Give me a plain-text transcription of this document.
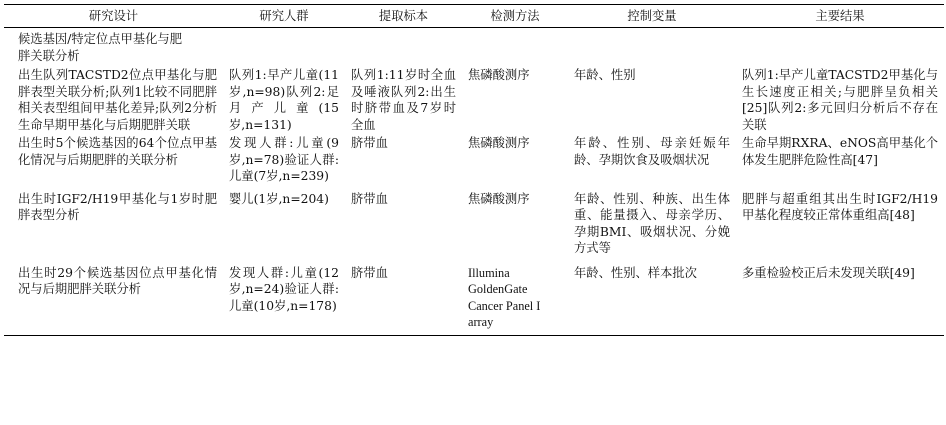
研究设计	研究人群	提取标本	检测方法	控制变量	主要结果
候选基因/特定位点甲基化与肥胖关联分析					
出生队列TACSTD2位点甲基化与肥胖表型关联分析;队列1比较不同肥胖相关表型组间甲基化差异;队列2分析生命早期甲基化与后期肥胖关联	队列1:早产儿童(11岁,n=98)队列2:足月产儿童(15岁,n=131)	队列1:11岁时全血及唾液队列2:出生时脐带血及7岁时全血	焦磷酸测序	年龄、性别	队列1:早产儿童TACSTD2甲基化与生长速度正相关;与肥胖呈负相关[25]队列2:多元回归分析后不存在关联
出生时5个候选基因的64个位点甲基化情况与后期肥胖的关联分析	发现人群:儿童(9岁,n=78)验证人群:儿童(7岁,n=239)	脐带血	焦磷酸测序	年龄、性别、母亲妊娠年龄、孕期饮食及吸烟状况	生命早期RXRA、eNOS高甲基化个体发生肥胖危险性高[47]
出生时IGF2/H19甲基化与1岁时肥胖表型分析	婴儿(1岁,n=204)	脐带血	焦磷酸测序	年龄、性别、种族、出生体重、能量摄入、母亲学历、孕期BMI、吸烟状况、分娩方式等	肥胖与超重组其出生时IGF2/H19甲基化程度较正常体重组高[48]
出生时29个候选基因位点甲基化情况与后期肥胖关联分析	发现人群:儿童(12岁,n=24)验证人群:儿童(10岁,n=178)	脐带血	Illumina GoldenGate Cancer Panel I array	年龄、性别、样本批次	多重检验校正后未发现关联[49]
